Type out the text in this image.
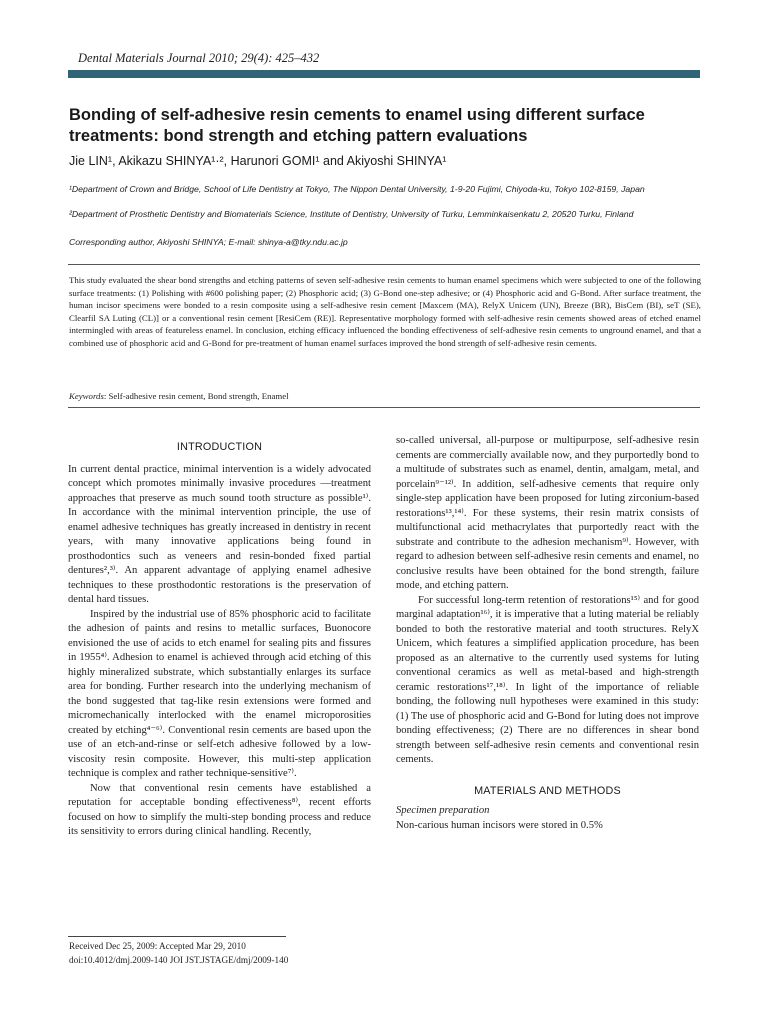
Dental Materials Journal 2010; 29(4): 425–432
Bonding of self-adhesive resin cements to enamel using different surface treatments: bond strength and etching pattern evaluations
Jie LIN¹, Akikazu SHINYA¹·², Harunori GOMI¹ and Akiyoshi SHINYA¹
¹Department of Crown and Bridge, School of Life Dentistry at Tokyo, The Nippon Dental University, 1-9-20 Fujimi, Chiyoda-ku, Tokyo 102-8159, Japan
²Department of Prosthetic Dentistry and Biomaterials Science, Institute of Dentistry, University of Turku, Lemminkaisenkatu 2, 20520 Turku, Finland
Corresponding author, Akiyoshi SHINYA; E-mail: shinya-a@tky.ndu.ac.jp
This study evaluated the shear bond strengths and etching patterns of seven self-adhesive resin cements to human enamel specimens which were subjected to one of the following surface treatments: (1) Polishing with #600 polishing paper; (2) Phosphoric acid; (3) G-Bond one-step adhesive; or (4) Phosphoric acid and G-Bond. After surface treatment, the human incisor specimens were bonded to a resin composite using a self-adhesive resin cement [Maxcem (MA), RelyX Unicem (UN), Breeze (BR), BisCem (BI), seT (SE), Clearfil SA Luting (CL)] or a conventional resin cement [ResiCem (RE)]. Representative morphology formed with self-adhesive resin cements showed areas of etched enamel intermingled with areas of featureless enamel. In conclusion, etching efficacy influenced the bonding effectiveness of self-adhesive resin cements to unground enamel, and that a combined use of phosphoric acid and G-Bond for pre-treatment of human enamel surfaces improved the bond strength of self-adhesive resin cements.
Keywords: Self-adhesive resin cement, Bond strength, Enamel
INTRODUCTION

In current dental practice, minimal intervention is a widely advocated concept which promotes minimally invasive procedures —treatment approaches that preserve as much sound tooth structure as possible¹⁾. In accordance with the minimal intervention principle, the use of enamel adhesive techniques has greatly increased in dentistry in recent years, with many innovative applications being found in prosthodontics such as veneers and resin-bonded fixed partial dentures²,³⁾. An apparent advantage of applying enamel adhesive techniques to these prosthodontic restorations is the preservation of dental hard tissues.

Inspired by the industrial use of 85% phosphoric acid to facilitate the adhesion of paints and resins to metallic surfaces, Buonocore envisioned the use of acids to etch enamel for sealing pits and fissures in 1955⁴⁾. Adhesion to enamel is achieved through acid etching of this highly mineralized substrate, which substantially enlarges its surface area for bonding. Further research into the underlying mechanism of the bond suggested that tag-like resin extensions were formed and micromechanically interlocked with the enamel microporosities created by etching⁴⁻⁶⁾. Conventional resin cements are based upon the use of an etch-and-rinse or self-etch adhesive followed by a low-viscosity resin composite. However, this multi-step application technique is complex and rather technique-sensitive⁷⁾.

Now that conventional resin cements have established a reputation for acceptable bonding effectiveness⁸⁾, recent efforts focused on how to simplify the multi-step bonding process and reduce its sensitivity to errors during clinical handling. Recently,

so-called universal, all-purpose or multipurpose, self-adhesive resin cements are commercially available now, and they purportedly bond to a multitude of substrates such as enamel, dentin, amalgam, metal, and porcelain⁹⁻¹²⁾. In addition, self-adhesive cements that require only single-step application have been proposed for luting zirconium-based restorations¹³,¹⁴⁾. For these systems, their resin matrix consists of multifunctional acid methacrylates that purportedly react with the substrate and contribute to the adhesion mechanism⁹⁾. However, with regard to adhesion between self-adhesive resin cements and enamel, no conclusive results have been obtained for the bond strength, failure mode, and etching pattern.

For successful long-term retention of restorations¹⁵⁾ and for good marginal adaptation¹⁶⁾, it is imperative that a luting material be reliably bonded to both the restorative material and tooth structures. RelyX Unicem, which features a simplified application procedure, has been proposed as an alternative to the currently used systems for luting conventional ceramics as well as metal-based and high-strength ceramic restorations¹⁷,¹⁸⁾. In light of the importance of reliable bonding, the following null hypotheses were examined in this study: (1) The use of phosphoric acid and G-Bond for luting does not improve bonding effectiveness; (2) There are no differences in shear bond strength between self-adhesive resin cements and conventional resin cements.

MATERIALS AND METHODS
Specimen preparation

Non-carious human incisors were stored in 0.5%

Received Dec 25, 2009: Accepted Mar 29, 2010
doi:10.4012/dmj.2009-140 JOI JST.JSTAGE/dmj/2009-140
